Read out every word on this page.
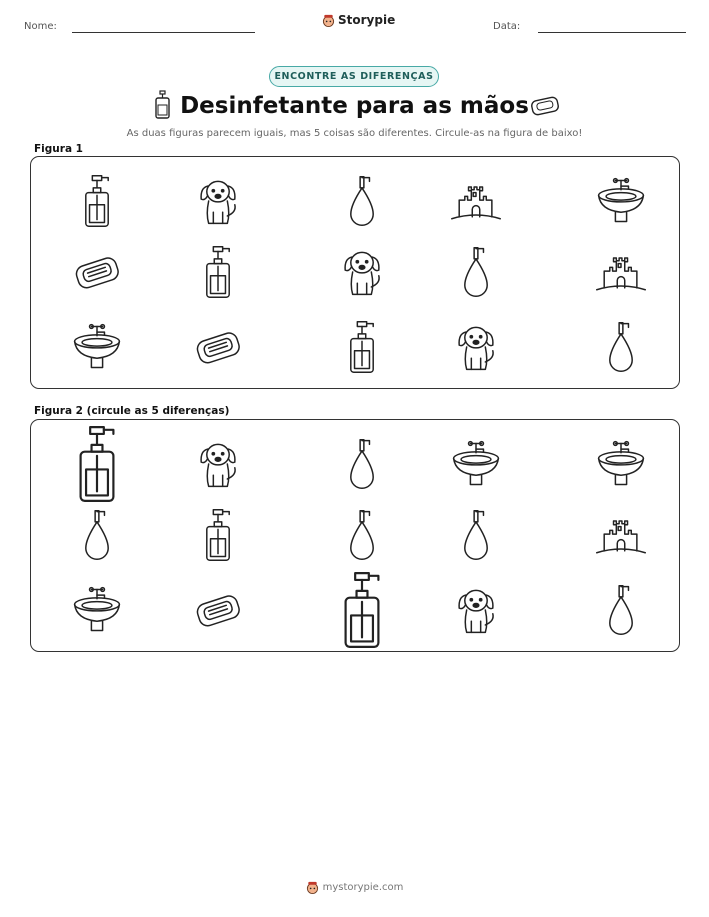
Nome:	Storypie	Data:
ENCONTRE AS DIFERENÇAS
Desinfetante para as mãos
As duas figuras parecem iguais, mas 5 coisas são diferentes. Circule-as na figura de baixo!
Figura 1
Figura 2 (circule as 5 diferenças)
mystorypie.com
